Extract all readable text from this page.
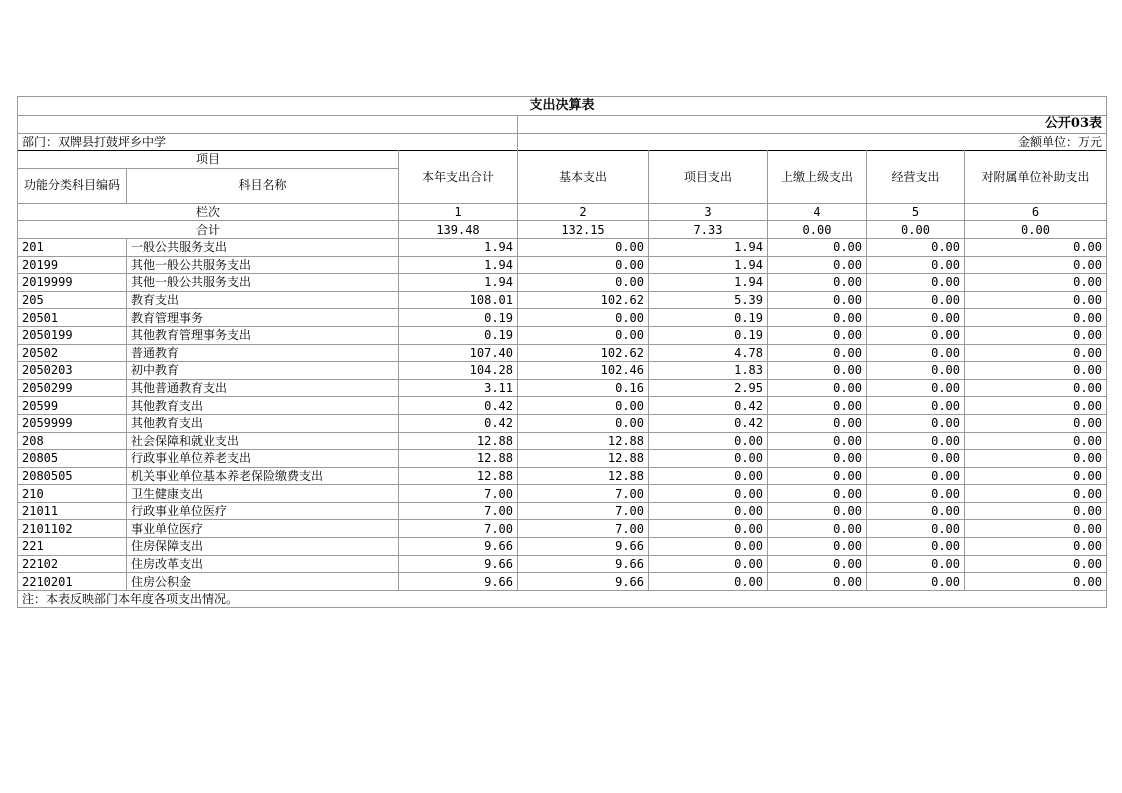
支出决算表							
			公开03表				
部门：双牌县打鼓坪乡中学			金额单位：万元				
项目		本年支出合计	基本支出	项目支出	上缴上级支出	经营支出	对附属单位补助支出
功能分类科目编码	科目名称						
栏次		1	2	3	4	5	6
合计		139.48	132.15	7.33	0.00	0.00	0.00
201	一般公共服务支出	1.94	0.00	1.94	0.00	0.00	0.00
20199	其他一般公共服务支出	1.94	0.00	1.94	0.00	0.00	0.00
2019999	其他一般公共服务支出	1.94	0.00	1.94	0.00	0.00	0.00
205	教育支出	108.01	102.62	5.39	0.00	0.00	0.00
20501	教育管理事务	0.19	0.00	0.19	0.00	0.00	0.00
2050199	其他教育管理事务支出	0.19	0.00	0.19	0.00	0.00	0.00
20502	普通教育	107.40	102.62	4.78	0.00	0.00	0.00
2050203	初中教育	104.28	102.46	1.83	0.00	0.00	0.00
2050299	其他普通教育支出	3.11	0.16	2.95	0.00	0.00	0.00
20599	其他教育支出	0.42	0.00	0.42	0.00	0.00	0.00
2059999	其他教育支出	0.42	0.00	0.42	0.00	0.00	0.00
208	社会保障和就业支出	12.88	12.88	0.00	0.00	0.00	0.00
20805	行政事业单位养老支出	12.88	12.88	0.00	0.00	0.00	0.00
2080505	机关事业单位基本养老保险缴费支出	12.88	12.88	0.00	0.00	0.00	0.00
210	卫生健康支出	7.00	7.00	0.00	0.00	0.00	0.00
21011	行政事业单位医疗	7.00	7.00	0.00	0.00	0.00	0.00
2101102	事业单位医疗	7.00	7.00	0.00	0.00	0.00	0.00
221	住房保障支出	9.66	9.66	0.00	0.00	0.00	0.00
22102	住房改革支出	9.66	9.66	0.00	0.00	0.00	0.00
2210201	住房公积金	9.66	9.66	0.00	0.00	0.00	0.00
注：本表反映部门本年度各项支出情况。							
